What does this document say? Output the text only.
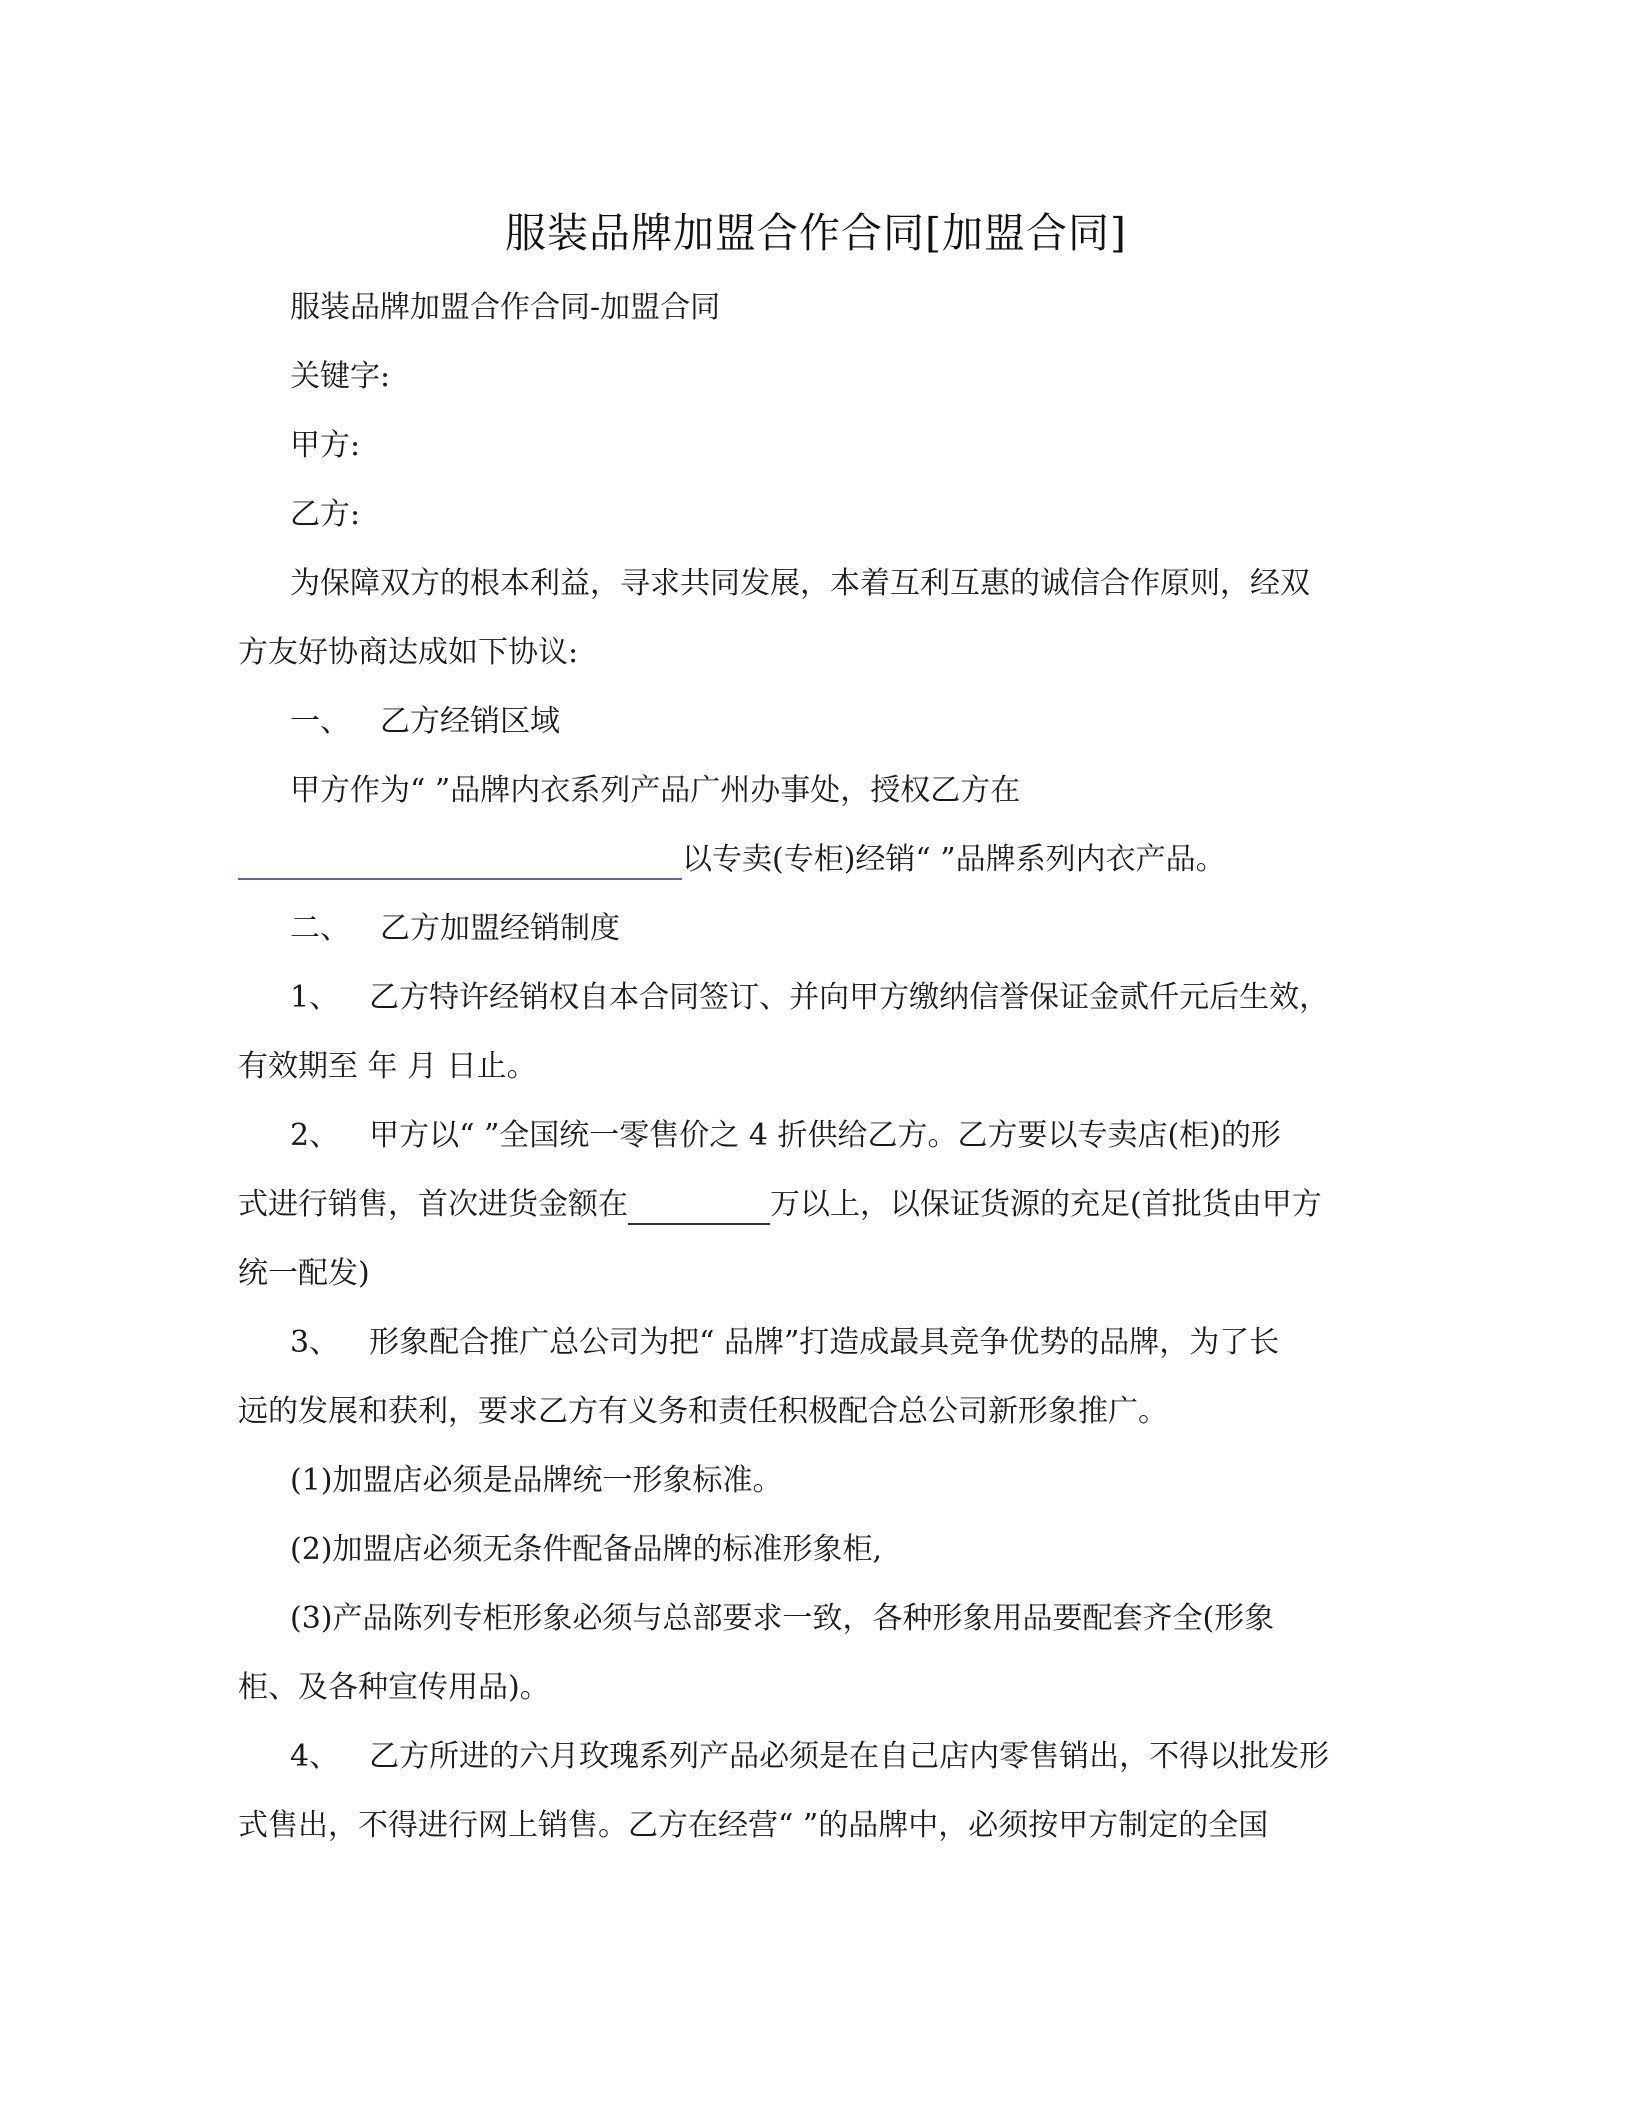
服装品牌加盟合作合同[加盟合同]
服装品牌加盟合作合同-加盟合同
关键字:
甲方:
乙方:
为保障双方的根本利益，寻求共同发展，本着互利互惠的诚信合作原则，经双
方友好协商达成如下协议:
一、 乙方经销区域
甲方作为“ ”品牌内衣系列产品广州办事处，授权乙方在
以专卖(专柜)经销“ ”品牌系列内衣产品。
二、 乙方加盟经销制度
1、 乙方特许经销权自本合同签订、并向甲方缴纳信誉保证金贰仟元后生效，
有效期至 年 月 日止。
2、 甲方以“ ”全国统一零售价之 4 折供给乙方。乙方要以专卖店(柜)的形
式进行销售，首次进货金额在	万以上，以保证货源的充足(首批货由甲方
统一配发)
3、 形象配合推广总公司为把“ 品牌”打造成最具竞争优势的品牌，为了长
远的发展和获利，要求乙方有义务和责任积极配合总公司新形象推广。
(1)加盟店必须是品牌统一形象标准。
(2)加盟店必须无条件配备品牌的标准形象柜,
(3)产品陈列专柜形象必须与总部要求一致，各种形象用品要配套齐全(形象
柜、及各种宣传用品)。
4、 乙方所进的六月玫瑰系列产品必须是在自己店内零售销出，不得以批发形
式售出，不得进行网上销售。乙方在经营“ ”的品牌中，必须按甲方制定的全国
